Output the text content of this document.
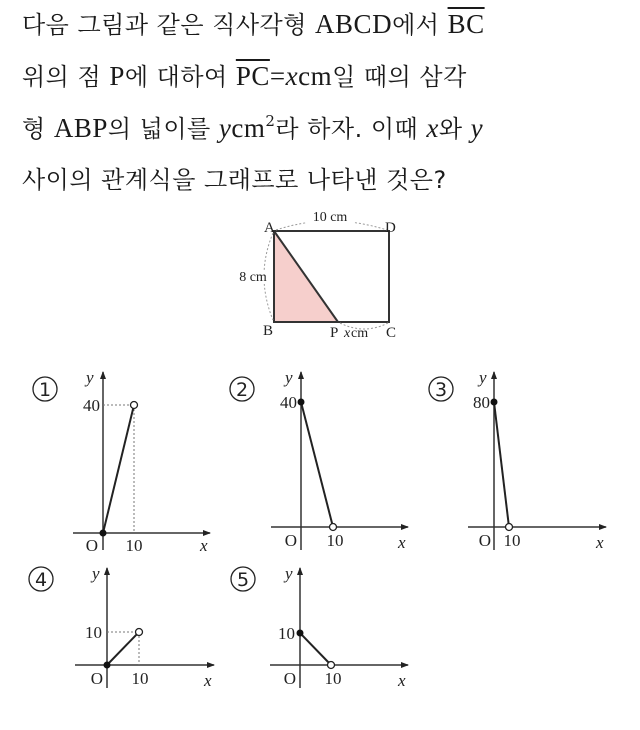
다음 그림과 같은 직사각형 ABCD에서 $\overline{BC}$
위의 점 P에 대하여 $\overline{PC}=xcm$일 때의 삼각
형 ABP의 넓이를 ycm$^2$라 하자. 이때 x와 y
사이의 관계식을 그래프로 나타낸 것은?
10 cm
8 cm
A	D
B	C
P x cm
1
40
10
O
y
x
2
40
10
O
y
x
3
80
10
O
y
x
4
10
10
O
y
x
5
10
10
O
y
x
